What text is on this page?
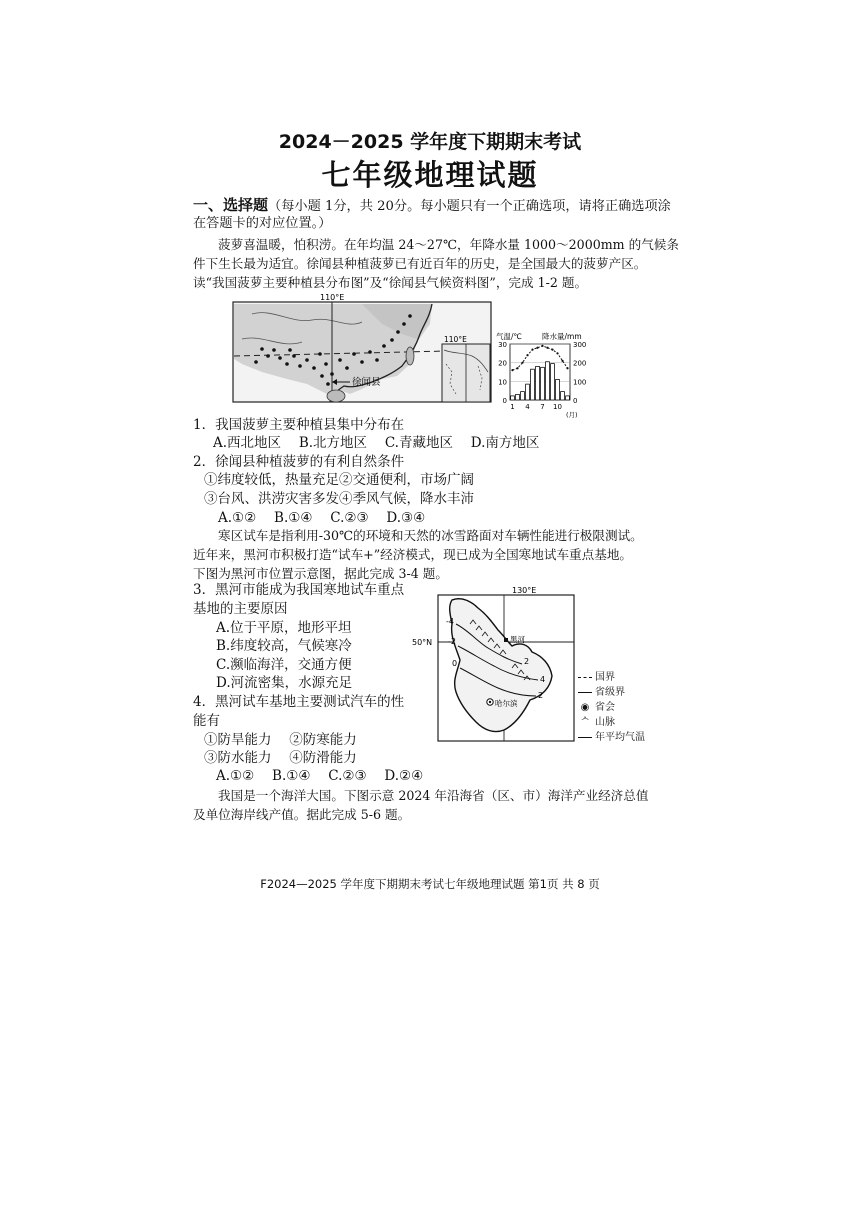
2024－2025 学年度下期期末考试
七年级地理试题
一、选择题（每小题 1分，共 20分。每小题只有一个正确选项，请将正确选项涂
在答题卡的对应位置。）
菠萝喜温暖，怕积涝。在年均温 24～27℃，年降水量 1000～2000mm 的气候条
件下生长最为适宜。徐闻县种植菠萝已有近百年的历史，是全国最大的菠萝产区。
读“我国菠萝主要种植县分布图”及“徐闻县气候资料图”，完成 1-2 题。
110°E
徐闻县
110°E	气温/℃	降水量/mm
30
20
10
0
300
200
100
0
1 4 7 10
(月)
1．我国菠萝主要种植县集中分布在
A.西北地区　 B.北方地区　 C.青藏地区　 D.南方地区
2．徐闻县种植菠萝的有利自然条件
①纬度较低，热量充足②交通便利，市场广阔
③台风、洪涝灾害多发④季风气候，降水丰沛
A.①②　 B.①④　 C.②③　 D.③④
寒区试车是指利用-30℃的环境和天然的冰雪路面对车辆性能进行极限测试。
近年来，黑河市积极打造“试车+”经济模式，现已成为全国寒地试车重点基地。
下图为黑河市位置示意图，据此完成 3-4 题。
3．黑河市能成为我国寒地试车重点
基地的主要原因
A.位于平原，地形平坦
B.纬度较高，气候寒冷
C.濒临海洋，交通方便
D.河流密集，水源充足
4．黑河试车基地主要测试汽车的性
能有
①防旱能力　 ②防寒能力
③防水能力　 ④防滑能力
A.①②　 B.①④　 C.②③　 D.②④
130°E
50°N
-4
-2
0	2
4
2
黑河
哈尔滨
国界
省级界
◉ 省会
ᄉ 山脉
年平均气温
我国是一个海洋大国。下图示意 2024 年沿海省（区、市）海洋产业经济总值
及单位海岸线产值。据此完成 5-6 题。
F2024—2025 学年度下期期末考试七年级地理试题 第1页 共 8 页
